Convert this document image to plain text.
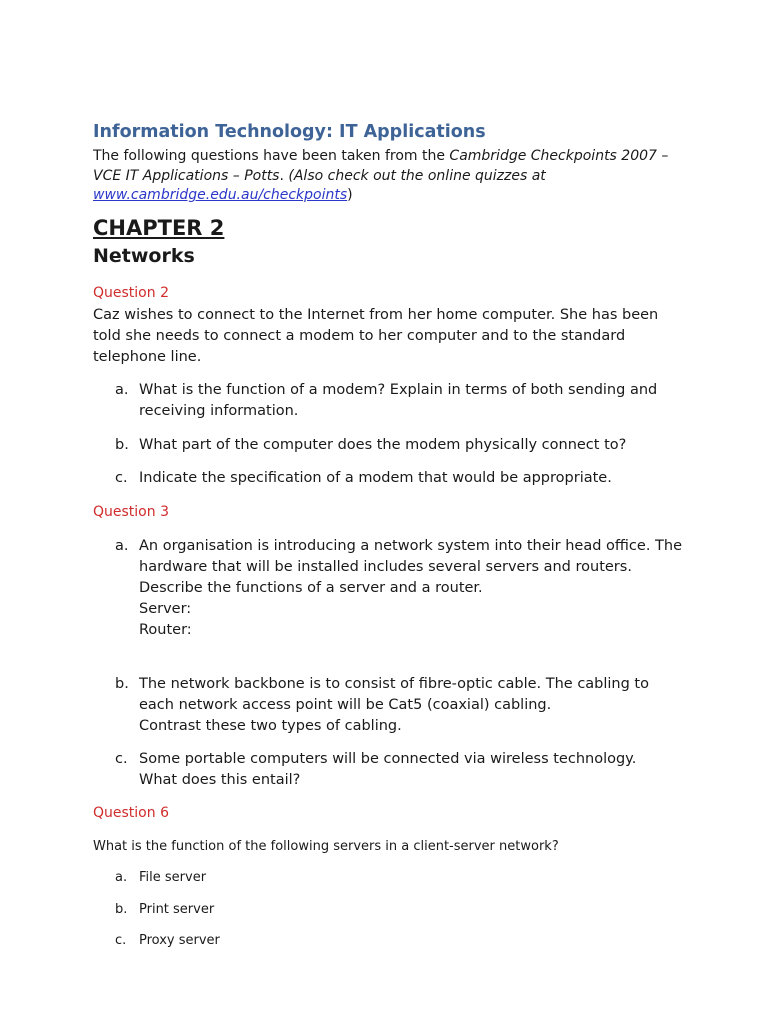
Information Technology: IT Applications

The following questions have been taken from the Cambridge Checkpoints 2007 – VCE IT Applications – Potts. (Also check out the online quizzes at www.cambridge.edu.au/checkpoints)

CHAPTER 2
Networks
Question 2

Caz wishes to connect to the Internet from her home computer. She has been told she needs to connect a modem to her computer and to the standard telephone line.

a. What is the function of a modem? Explain in terms of both sending and receiving information.
b. What part of the computer does the modem physically connect to?
c. Indicate the specification of a modem that would be appropriate.
Question 3
a. An organisation is introducing a network system into their head office. The hardware that will be installed includes several servers and routers.
Describe the functions of a server and a router.
Server:
Router:
b. The network backbone is to consist of fibre-optic cable. The cabling to each network access point will be Cat5 (coaxial) cabling.
Contrast these two types of cabling.
c. Some portable computers will be connected via wireless technology.
What does this entail?
Question 6

What is the function of the following servers in a client-server network?

a. File server
b. Print server
c. Proxy server
